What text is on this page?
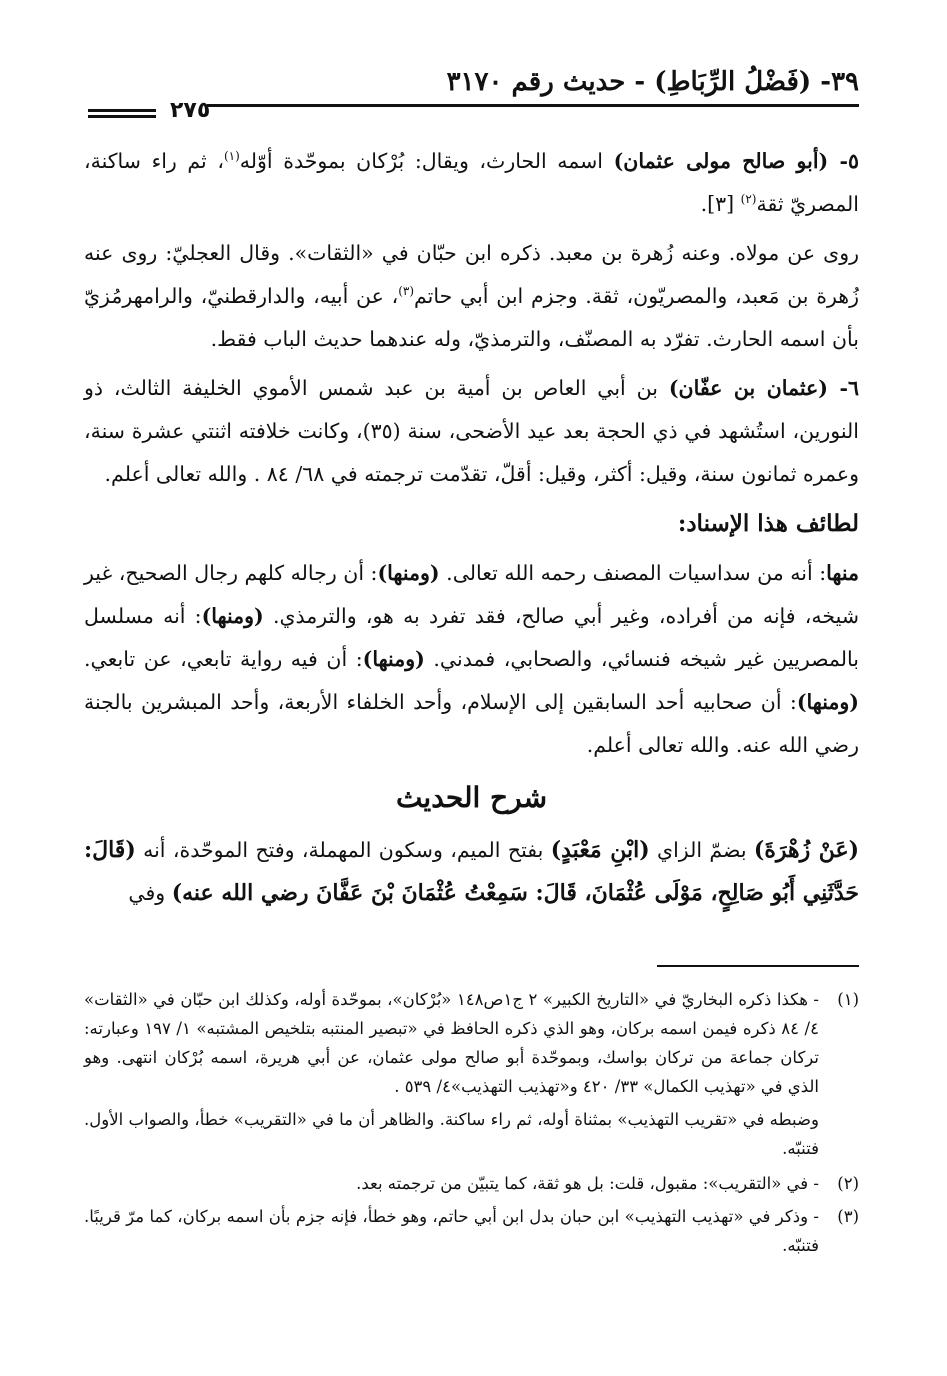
٣٩- (فَضْلُ الرِّبَاطِ) - حديث رقم ٣١٧٠
٢٧٥

٥- (أبو صالح مولى عثمان) اسمه الحارث، ويقال: بُرْكان بموحّدة أوّله$^{(١)}$، ثم راء ساكنة، المصريّ ثقة$^{(٢)}$ [٣].

روى عن مولاه. وعنه زُهرة بن معبد. ذكره ابن حبّان في «الثقات». وقال العجليّ: روى عنه زُهرة بن مَعبد، والمصريّون، ثقة. وجزم ابن أبي حاتم$^{(٣)}$، عن أبيه، والدارقطنيّ، والرامهرمُزيّ بأن اسمه الحارث. تفرّد به المصنّف، والترمذيّ، وله عندهما حديث الباب فقط.

٦- (عثمان بن عفّان) بن أبي العاص بن أمية بن عبد شمس الأموي الخليفة الثالث، ذو النورين، استُشهد في ذي الحجة بعد عيد الأضحى، سنة (٣٥)، وكانت خلافته اثنتي عشرة سنة، وعمره ثمانون سنة، وقيل: أكثر، وقيل: أقلّ، تقدّمت ترجمته في ٦٨/ ٨٤ . والله تعالى أعلم.

لطائف هذا الإسناد:

منها: أنه من سداسيات المصنف رحمه الله تعالى. (ومنها): أن رجاله كلهم رجال الصحيح، غير شيخه، فإنه من أفراده، وغير أبي صالح، فقد تفرد به هو، والترمذي. (ومنها): أنه مسلسل بالمصريين غير شيخه فنسائي، والصحابي، فمدني. (ومنها): أن فيه رواية تابعي، عن تابعي. (ومنها): أن صحابيه أحد السابقين إلى الإسلام، وأحد الخلفاء الأربعة، وأحد المبشرين بالجنة رضي الله عنه. والله تعالى أعلم.

شرح الحديث

(عَنْ زُهْرَةَ) بضمّ الزاي (ابْنِ مَعْبَدٍ) بفتح الميم، وسكون المهملة، وفتح الموحّدة، أنه (قَالَ: حَدَّثَنِي أَبُو صَالِحٍ، مَوْلَى عُثْمَانَ، قَالَ: سَمِعْتُ عُثْمَانَ بْنَ عَفَّانَ رضي الله عنه) وفي

(١)
- هكذا ذكره البخاريّ في «التاريخ الكبير» ٢ ج١ص١٤٨ «بُرْكان»، بموحّدة أوله، وكذلك ابن حبّان في «الثقات» ٤/ ٨٤ ذكره فيمن اسمه بركان، وهو الذي ذكره الحافظ في «تبصير المنتبه بتلخيص المشتبه» ١/ ١٩٧ وعبارته: تركان جماعة من تركان بواسك، وبموحّدة أبو صالح مولى عثمان، عن أبي هريرة، اسمه بُرْكان انتهى. وهو الذي في «تهذيب الكمال» ٣٣/ ٤٢٠ و«تهذيب التهذيب»٤/ ٥٣٩ .

وضبطه في «تقريب التهذيب» بمثناة أوله، ثم راء ساكنة. والظاهر أن ما في «التقريب» خطأ، والصواب الأول. فتنبّه.

(٢)
- في «التقريب»: مقبول، قلت: بل هو ثقة، كما يتبيّن من ترجمته بعد.

(٣)
- وذكر في «تهذيب التهذيب» ابن حبان بدل ابن أبي حاتم، وهو خطأ، فإنه جزم بأن اسمه بركان، كما مرّ قريبًا. فتنبّه.
